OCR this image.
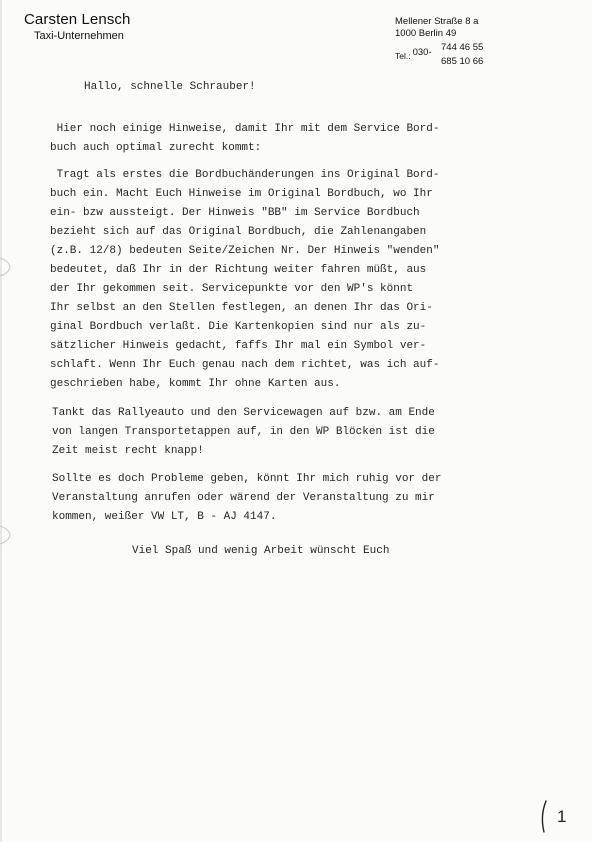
Carsten Lensch
Taxi-Unternehmen
Mellener Straße 8 a
1000 Berlin 49
Tel.: 030- 744 46 55
685 10 66
Hallo, schnelle Schrauber!
Hier noch einige Hinweise, damit Ihr mit dem Service Bord-
buch auch optimal zurecht kommt:
Tragt als erstes die Bordbuchänderungen ins Original Bord-
buch ein. Macht Euch Hinweise im Original Bordbuch, wo Ihr
ein- bzw aussteigt. Der Hinweis "BB" im Service Bordbuch
bezieht sich auf das Original Bordbuch, die Zahlenangaben
(z.B. 12/8) bedeuten Seite/Zeichen Nr. Der Hinweis "wenden"
bedeutet, daß Ihr in der Richtung weiter fahren müßt, aus
der Ihr gekommen seit. Servicepunkte vor den WP's könnt
Ihr selbst an den Stellen festlegen, an denen Ihr das Ori-
ginal Bordbuch verlaßt. Die Kartenkopien sind nur als zu-
sätzlicher Hinweis gedacht, faffs Ihr mal ein Symbol ver-
schlaft. Wenn Ihr Euch genau nach dem richtet, was ich auf-
geschrieben habe, kommt Ihr ohne Karten aus.
Tankt das Rallyeauto und den Servicewagen auf bzw. am Ende
von langen Transportetappen auf, in den WP Blöcken ist die
Zeit meist recht knapp!
Sollte es doch Probleme geben, könnt Ihr mich ruhig vor der
Veranstaltung anrufen oder wärend der Veranstaltung zu mir
kommen, weißer VW LT, B - AJ 4147.
Viel Spaß und wenig Arbeit wünscht Euch
1
